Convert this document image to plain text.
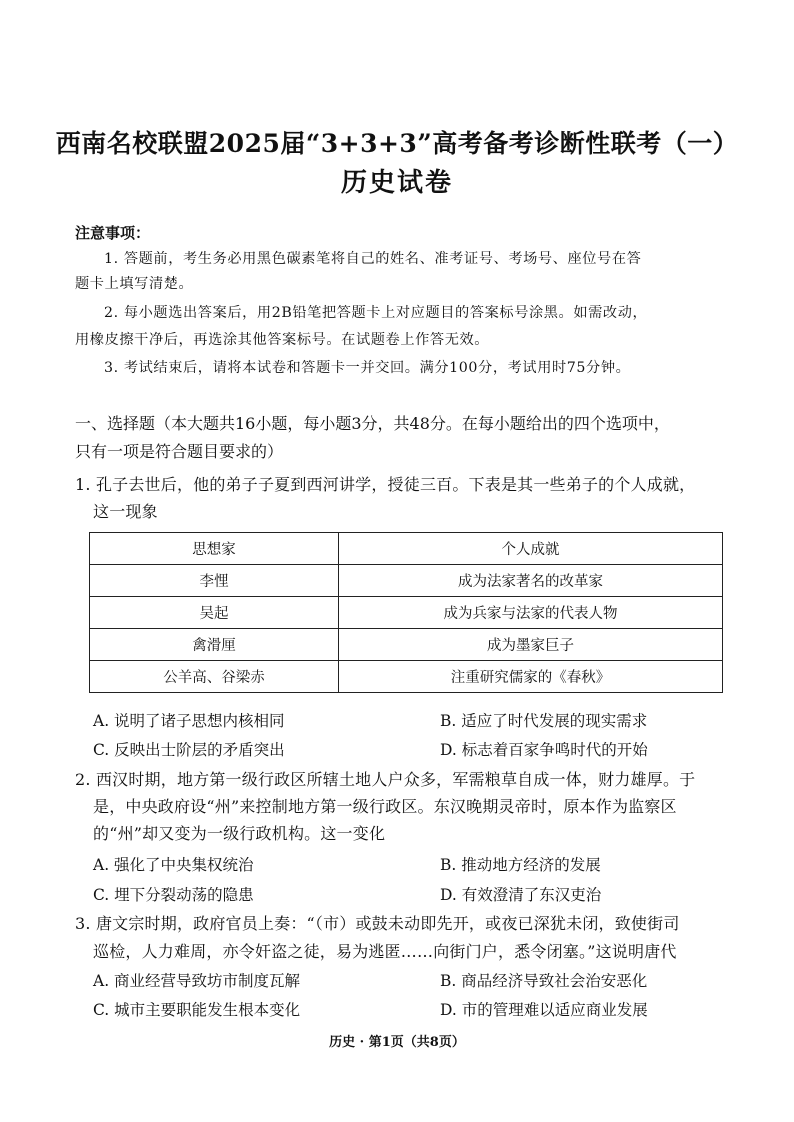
西南名校联盟2025届“3+3+3”高考备考诊断性联考（一）
历史试卷
注意事项：
1. 答题前，考生务必用黑色碳素笔将自己的姓名、准考证号、考场号、座位号在答
题卡上填写清楚。
2. 每小题选出答案后，用2B铅笔把答题卡上对应题目的答案标号涂黑。如需改动，
用橡皮擦干净后，再选涂其他答案标号。在试题卷上作答无效。
3. 考试结束后，请将本试卷和答题卡一并交回。满分100分，考试用时75分钟。
一、选择题（本大题共16小题，每小题3分，共48分。在每小题给出的四个选项中，
只有一项是符合题目要求的）
1. 孔子去世后，他的弟子子夏到西河讲学，授徒三百。下表是其一些弟子的个人成就，
这一现象
思想家	个人成就
李悝	成为法家著名的改革家
吴起	成为兵家与法家的代表人物
禽滑厘	成为墨家巨子
公羊高、谷梁赤	注重研究儒家的《春秋》
A. 说明了诸子思想内核相同	B. 适应了时代发展的现实需求
C. 反映出士阶层的矛盾突出	D. 标志着百家争鸣时代的开始
2. 西汉时期，地方第一级行政区所辖土地人户众多，军需粮草自成一体，财力雄厚。于
是，中央政府设“州”来控制地方第一级行政区。东汉晚期灵帝时，原本作为监察区
的“州”却又变为一级行政机构。这一变化
A. 强化了中央集权统治	B. 推动地方经济的发展
C. 埋下分裂动荡的隐患	D. 有效澄清了东汉吏治
3. 唐文宗时期，政府官员上奏：“（市）或鼓未动即先开，或夜已深犹未闭，致使街司
巡检，人力难周，亦令奸盗之徒，易为逃匿……向街门户，悉令闭塞。”这说明唐代
A. 商业经营导致坊市制度瓦解	B. 商品经济导致社会治安恶化
C. 城市主要职能发生根本变化	D. 市的管理难以适应商业发展
历史 · 第1页（共8页）
